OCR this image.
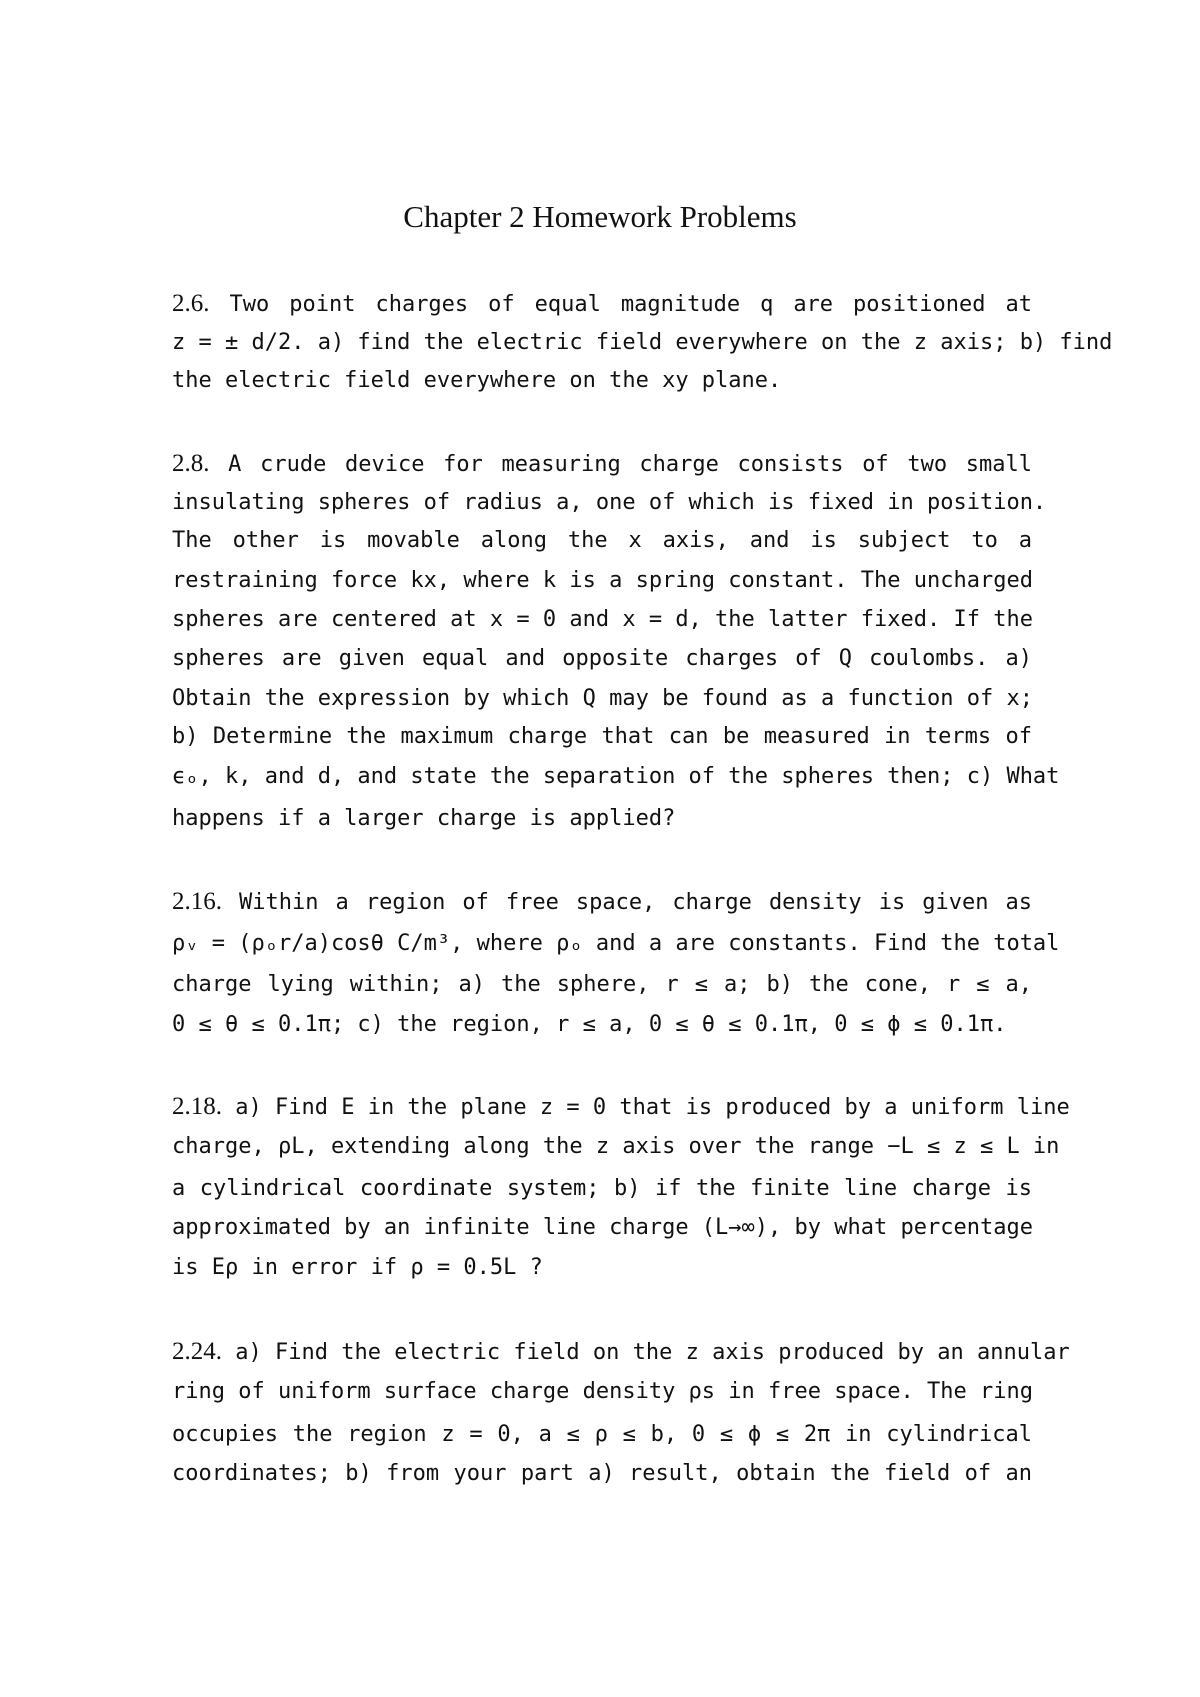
Chapter 2 Homework Problems
2.6. Two point charges of equal magnitude q are positioned at
z = ± d/2. a) find the electric field everywhere on the z axis; b) find
the electric field everywhere on the xy plane.
2.8. A crude device for measuring charge consists of two small
insulating spheres of radius a, one of which is fixed in position.
The other is movable along the x axis, and is subject to a
restraining force kx, where k is a spring constant. The uncharged
spheres are centered at x = 0 and x = d, the latter fixed. If the
spheres are given equal and opposite charges of Q coulombs. a)
Obtain the expression by which Q may be found as a function of x;
b) Determine the maximum charge that can be measured in terms of
ϵₒ, k, and d, and state the separation of the spheres then; c) What
happens if a larger charge is applied?
2.16. Within a region of free space, charge density is given as
ρᵥ = (ρₒr/a)cosθ C/m³, where ρₒ and a are constants. Find the total
charge lying within; a) the sphere, r ≤ a; b) the cone, r ≤ a,
0 ≤ θ ≤ 0.1π; c) the region, r ≤ a, 0 ≤ θ ≤ 0.1π, 0 ≤ ϕ ≤ 0.1π.
2.18. a) Find E in the plane z = 0 that is produced by a uniform line
charge, ρL, extending along the z axis over the range −L ≤ z ≤ L in
a cylindrical coordinate system; b) if the finite line charge is
approximated by an infinite line charge (L→∞), by what percentage
is Eρ in error if ρ = 0.5L ?
2.24. a) Find the electric field on the z axis produced by an annular
ring of uniform surface charge density ρs in free space. The ring
occupies the region z = 0, a ≤ ρ ≤ b, 0 ≤ ϕ ≤ 2π in cylindrical
coordinates; b) from your part a) result, obtain the field of an
